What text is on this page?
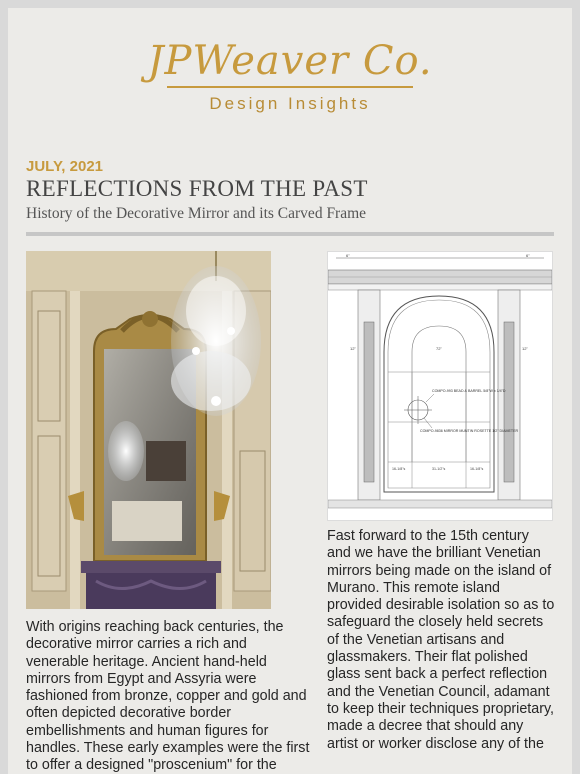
JPWeaver Co.
Design Insights
JULY, 2021
REFLECTIONS FROM THE PAST
History of the Decorative Mirror and its Carved Frame
6"	6"
COMPO-993 BEAD & BARREL 5/8"W x 1/4"D
COMPO-9836 MIRROR MUNTIN ROSETTE 1/2" DIAMETER
72"
12"	12"
16-1/8"s	31-1/2"s	16-1/8"s
With origins reaching back centuries, the decorative mirror carries a rich and venerable heritage. Ancient hand-held mirrors from Egypt and Assyria were fashioned from bronze, copper and gold and often depicted decorative border embellishments and human figures for handles. These early examples were the first to offer a designed "proscenium" for the
Fast forward to the 15th century and we have the brilliant Venetian mirrors being made on the island of Murano. This remote island provided desirable isolation so as to safeguard the closely held secrets of the Venetian artisans and glassmakers. Their flat polished glass sent back a perfect reflection and the Venetian Council, adamant to keep their techniques proprietary, made a decree that should any artist or worker disclose any of the
